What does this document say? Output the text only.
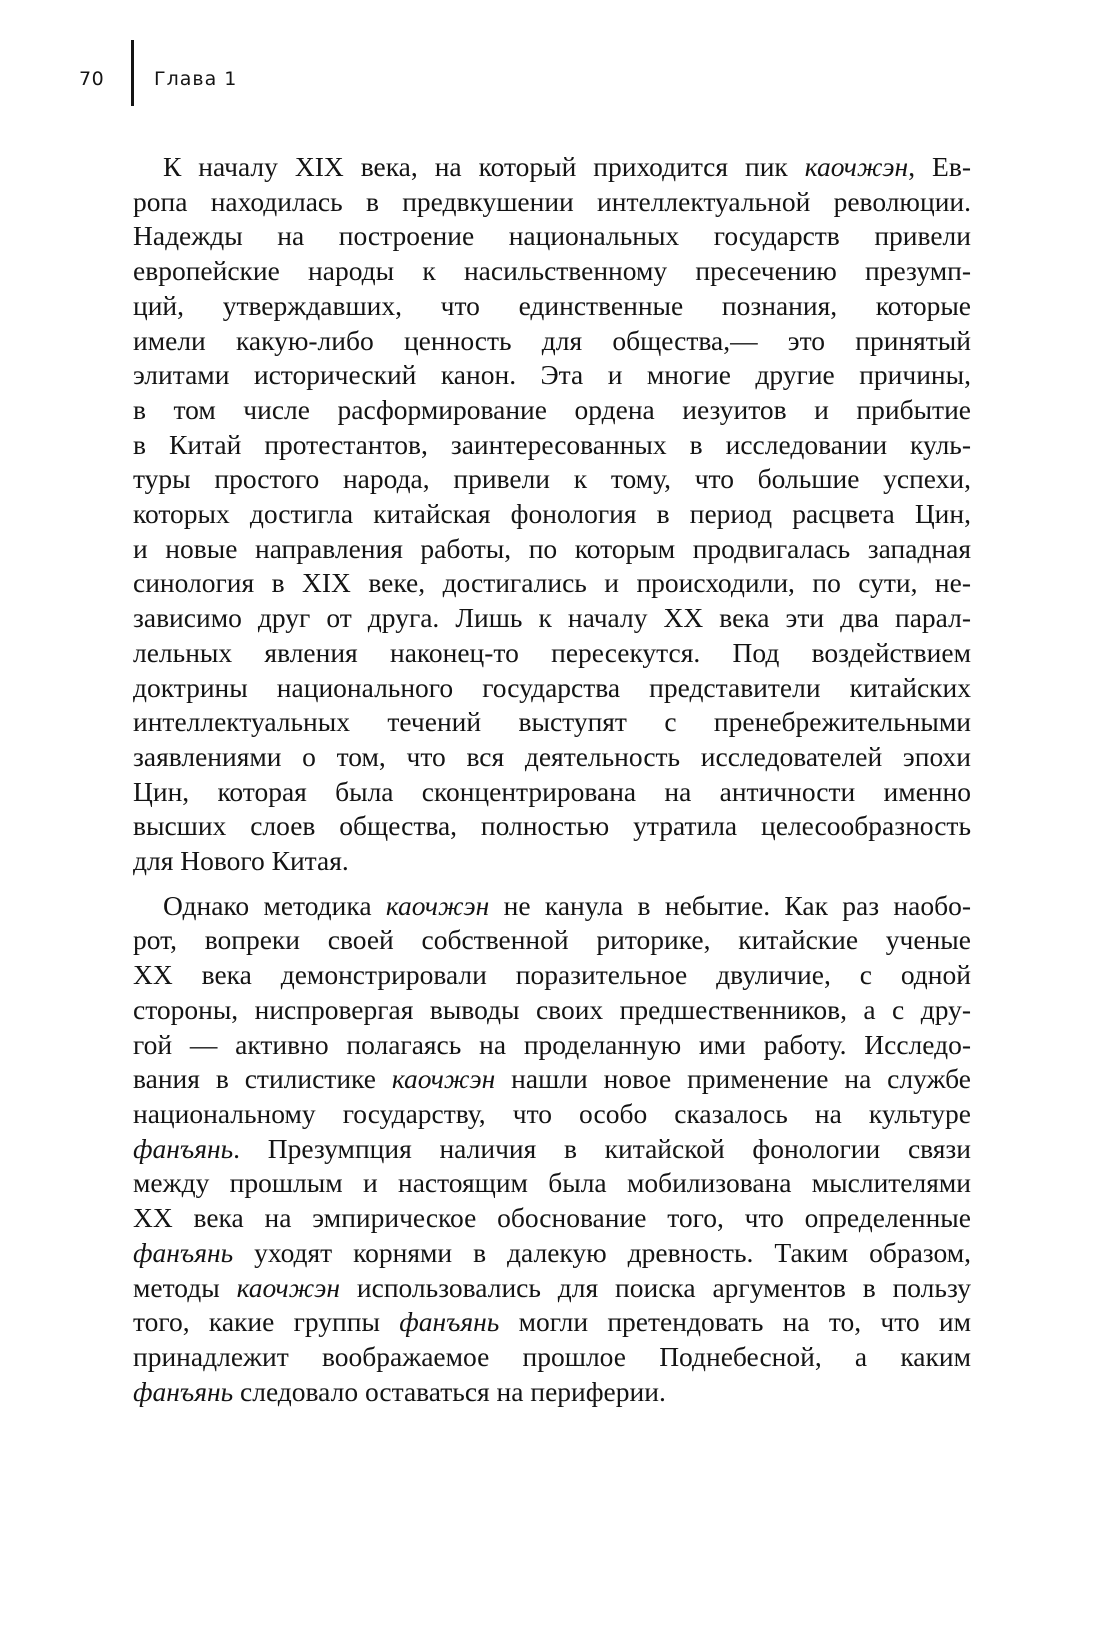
70	Глава 1
К началу XIX века, на который приходится пик каочжэн, Ев-
ропа находилась в предвкушении интеллектуальной революции.
Надежды на построение национальных государств привели
европейские народы к насильственному пресечению презумп-
ций, утверждавших, что единственные познания, которые
имели какую-либо ценность для общества,— это принятый
элитами исторический канон. Эта и многие другие причины,
в том числе расформирование ордена иезуитов и прибытие
в Китай протестантов, заинтересованных в исследовании куль-
туры простого народа, привели к тому, что большие успехи,
которых достигла китайская фонология в период расцвета Цин,
и новые направления работы, по которым продвигалась западная
синология в XIX веке, достигались и происходили, по сути, не-
зависимо друг от друга. Лишь к началу XX века эти два парал-
лельных явления наконец-то пересекутся. Под воздействием
доктрины национального государства представители китайских
интеллектуальных течений выступят с пренебрежительными
заявлениями о том, что вся деятельность исследователей эпохи
Цин, которая была сконцентрирована на античности именно
высших слоев общества, полностью утратила целесообразность
для Нового Китая.
Однако методика каочжэн не канула в небытие. Как раз наобо-
рот, вопреки своей собственной риторике, китайские ученые
XX века демонстрировали поразительное двуличие, с одной
стороны, ниспровергая выводы своих предшественников, а с дру-
гой — активно полагаясь на проделанную ими работу. Исследо-
вания в стилистике каочжэн нашли новое применение на службе
национальному государству, что особо сказалось на культуре
фанъянь. Презумпция наличия в китайской фонологии связи
между прошлым и настоящим была мобилизована мыслителями
XX века на эмпирическое обоснование того, что определенные
фанъянь уходят корнями в далекую древность. Таким образом,
методы каочжэн использовались для поиска аргументов в пользу
того, какие группы фанъянь могли претендовать на то, что им
принадлежит воображаемое прошлое Поднебесной, а каким
фанъянь следовало оставаться на периферии.
